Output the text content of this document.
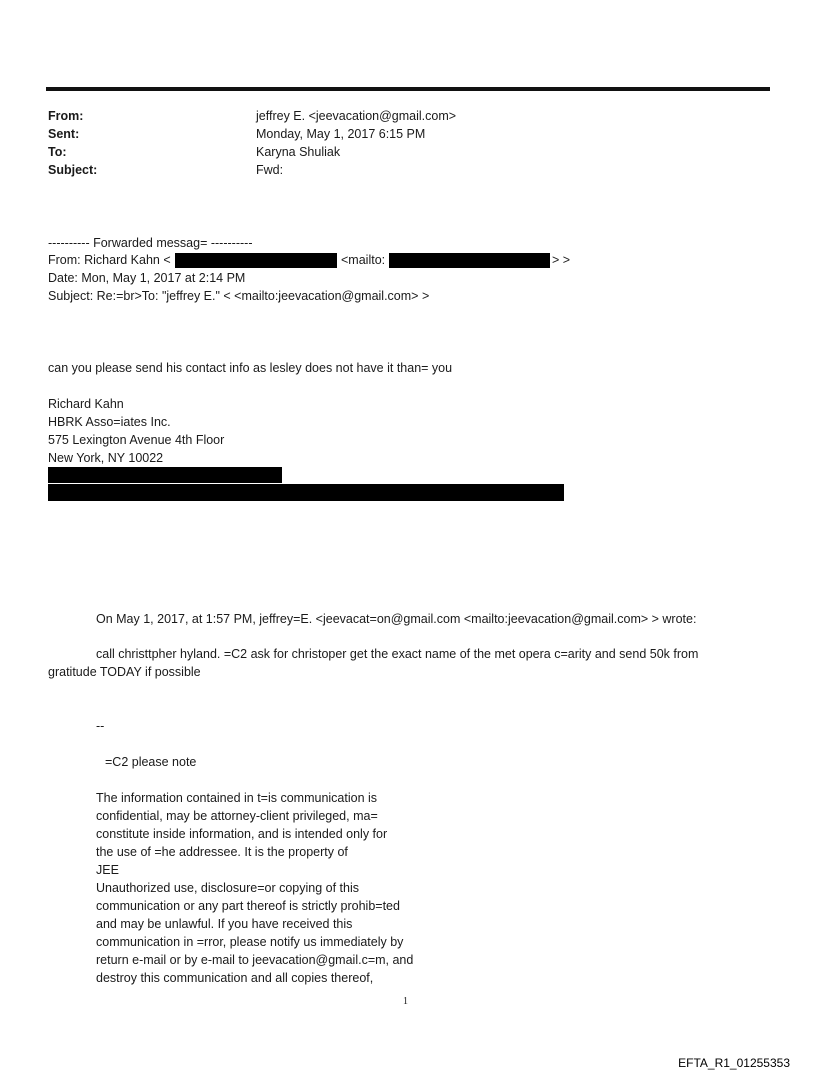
From:	jeffrey E. <jeevacation@gmail.com>
Sent:	Monday, May 1, 2017 6:15 PM
To:	Karyna Shuliak
Subject:	Fwd:
---------- Forwarded messag= ----------
From: Richard Kahn <	<mailto:	> >
Date: Mon, May 1, 2017 at 2:14 PM
Subject: Re:=br>To: "jeffrey E." < <mailto:jeevacation@gmail.com> >
can you please send his contact info as lesley does not have it than= you
Richard Kahn
HBRK Asso=iates Inc.
575 Lexington Avenue 4th Floor
New York, NY 10022
On May 1, 2017, at 1:57 PM, jeffrey=E. <jeevacat=on@gmail.com <mailto:jeevacation@gmail.com> > wrote:
call christtpher hyland. =C2 ask for christoper get the exact name of the met opera c=arity and send 50k from
gratitude TODAY if possible
--
=C2 please note
The information contained in t=is communication is
confidential, may be attorney-client privileged, ma=
constitute inside information, and is intended only for
the use of =he addressee. It is the property of
JEE
Unauthorized use, disclosure=or copying of this
communication or any part thereof is strictly prohib=ted
and may be unlawful. If you have received this
communication in =rror, please notify us immediately by
return e-mail or by e-mail to jeevacation@gmail.c=m, and
destroy this communication and all copies thereof,
1
EFTA_R1_01255353
